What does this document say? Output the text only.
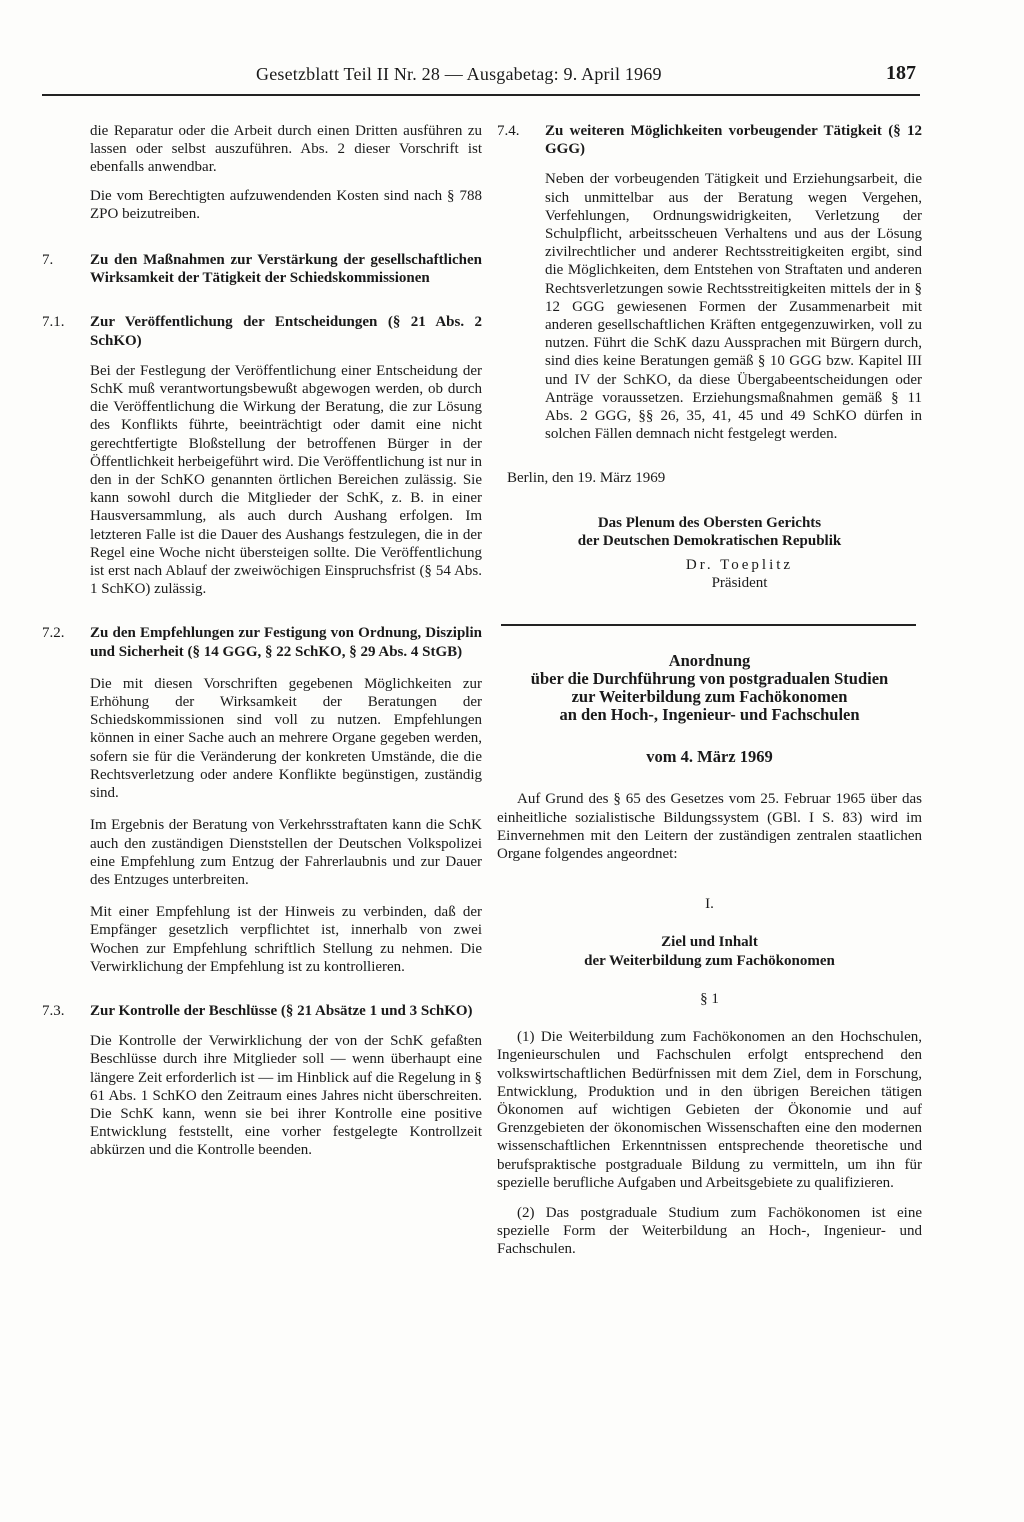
Gesetzblatt Teil II Nr. 28 — Ausgabetag: 9. April 1969	187

die Reparatur oder die Arbeit durch einen Dritten ausführen zu lassen oder selbst auszuführen. Abs. 2 dieser Vorschrift ist ebenfalls anwendbar.

Die vom Berechtigten aufzuwendenden Kosten sind nach § 788 ZPO beizutreiben.

7.	Zu den Maßnahmen zur Verstärkung der gesellschaftlichen Wirksamkeit der Tätigkeit der Schiedskommissionen
7.1.	Zur Veröffentlichung der Entscheidungen (§ 21 Abs. 2 SchKO)

Bei der Festlegung der Veröffentlichung einer Entscheidung der SchK muß verantwortungsbewußt abgewogen werden, ob durch die Veröffentlichung die Wirkung der Beratung, die zur Lösung des Konflikts führte, beeinträchtigt oder damit eine nicht gerechtfertigte Bloßstellung der betroffenen Bürger in der Öffentlichkeit herbeigeführt wird. Die Veröffentlichung ist nur in den in der SchKO genannten örtlichen Bereichen zulässig. Sie kann sowohl durch die Mitglieder der SchK, z. B. in einer Hausversammlung, als auch durch Aushang erfolgen. Im letzteren Falle ist die Dauer des Aushangs festzulegen, die in der Regel eine Woche nicht übersteigen sollte. Die Veröffentlichung ist erst nach Ablauf der zweiwöchigen Einspruchsfrist (§ 54 Abs. 1 SchKO) zulässig.

7.2.	Zu den Empfehlungen zur Festigung von Ordnung, Disziplin und Sicherheit (§ 14 GGG, § 22 SchKO, § 29 Abs. 4 StGB)

Die mit diesen Vorschriften gegebenen Möglichkeiten zur Erhöhung der Wirksamkeit der Beratungen der Schiedskommissionen sind voll zu nutzen. Empfehlungen können in einer Sache auch an mehrere Organe gegeben werden, sofern sie für die Veränderung der konkreten Umstände, die die Rechtsverletzung oder andere Konflikte begünstigen, zuständig sind.

Im Ergebnis der Beratung von Verkehrsstraftaten kann die SchK auch den zuständigen Dienststellen der Deutschen Volkspolizei eine Empfehlung zum Entzug der Fahrerlaubnis und zur Dauer des Entzuges unterbreiten.

Mit einer Empfehlung ist der Hinweis zu verbinden, daß der Empfänger gesetzlich verpflichtet ist, innerhalb von zwei Wochen zur Empfehlung schriftlich Stellung zu nehmen. Die Verwirklichung der Empfehlung ist zu kontrollieren.

7.3.	Zur Kontrolle der Beschlüsse (§ 21 Absätze 1 und 3 SchKO)

Die Kontrolle der Verwirklichung der von der SchK gefaßten Beschlüsse durch ihre Mitglieder soll — wenn überhaupt eine längere Zeit erforderlich ist — im Hinblick auf die Regelung in § 61 Abs. 1 SchKO den Zeitraum eines Jahres nicht überschreiten. Die SchK kann, wenn sie bei ihrer Kontrolle eine positive Entwicklung feststellt, eine vorher festgelegte Kontrollzeit abkürzen und die Kontrolle beenden.

7.4.	Zu weiteren Möglichkeiten vorbeugender Tätigkeit (§ 12 GGG)

Neben der vorbeugenden Tätigkeit und Erziehungsarbeit, die sich unmittelbar aus der Beratung wegen Vergehen, Verfehlungen, Ordnungswidrigkeiten, Verletzung der Schulpflicht, arbeitsscheuen Verhaltens und aus der Lösung zivilrechtlicher und anderer Rechtsstreitigkeiten ergibt, sind die Möglichkeiten, dem Entstehen von Straftaten und anderen Rechtsverletzungen sowie Rechtsstreitigkeiten mittels der in § 12 GGG gewiesenen Formen der Zusammenarbeit mit anderen gesellschaftlichen Kräften entgegenzuwirken, voll zu nutzen. Führt die SchK dazu Aussprachen mit Bürgern durch, sind dies keine Beratungen gemäß § 10 GGG bzw. Kapitel III und IV der SchKO, da diese Übergabeentscheidungen oder Anträge voraussetzen. Erziehungsmaßnahmen gemäß § 11 Abs. 2 GGG, §§ 26, 35, 41, 45 und 49 SchKO dürfen in solchen Fällen demnach nicht festgelegt werden.

Berlin, den 19. März 1969

Das Plenum des Obersten Gerichts
der Deutschen Demokratischen Republik
Dr. Toeplitz
Präsident
Anordnung
über die Durchführung von postgradualen Studien
zur Weiterbildung zum Fachökonomen
an den Hoch-, Ingenieur- und Fachschulen
vom 4. März 1969

Auf Grund des § 65 des Gesetzes vom 25. Februar 1965 über das einheitliche sozialistische Bildungssystem (GBl. I S. 83) wird im Einvernehmen mit den Leitern der zuständigen zentralen staatlichen Organe folgendes angeordnet:

I.
Ziel und Inhalt
der Weiterbildung zum Fachökonomen
§ 1

(1) Die Weiterbildung zum Fachökonomen an den Hochschulen, Ingenieurschulen und Fachschulen erfolgt entsprechend den volkswirtschaftlichen Bedürfnissen mit dem Ziel, dem in Forschung, Entwicklung, Produktion und in den übrigen Bereichen tätigen Ökonomen auf wichtigen Gebieten der Ökonomie und auf Grenzgebieten der ökonomischen Wissenschaften eine den modernen wissenschaftlichen Erkenntnissen entsprechende theoretische und berufspraktische postgraduale Bildung zu vermitteln, um ihn für spezielle berufliche Aufgaben und Arbeitsgebiete zu qualifizieren.

(2) Das postgraduale Studium zum Fachökonomen ist eine spezielle Form der Weiterbildung an Hoch-, Ingenieur- und Fachschulen.
